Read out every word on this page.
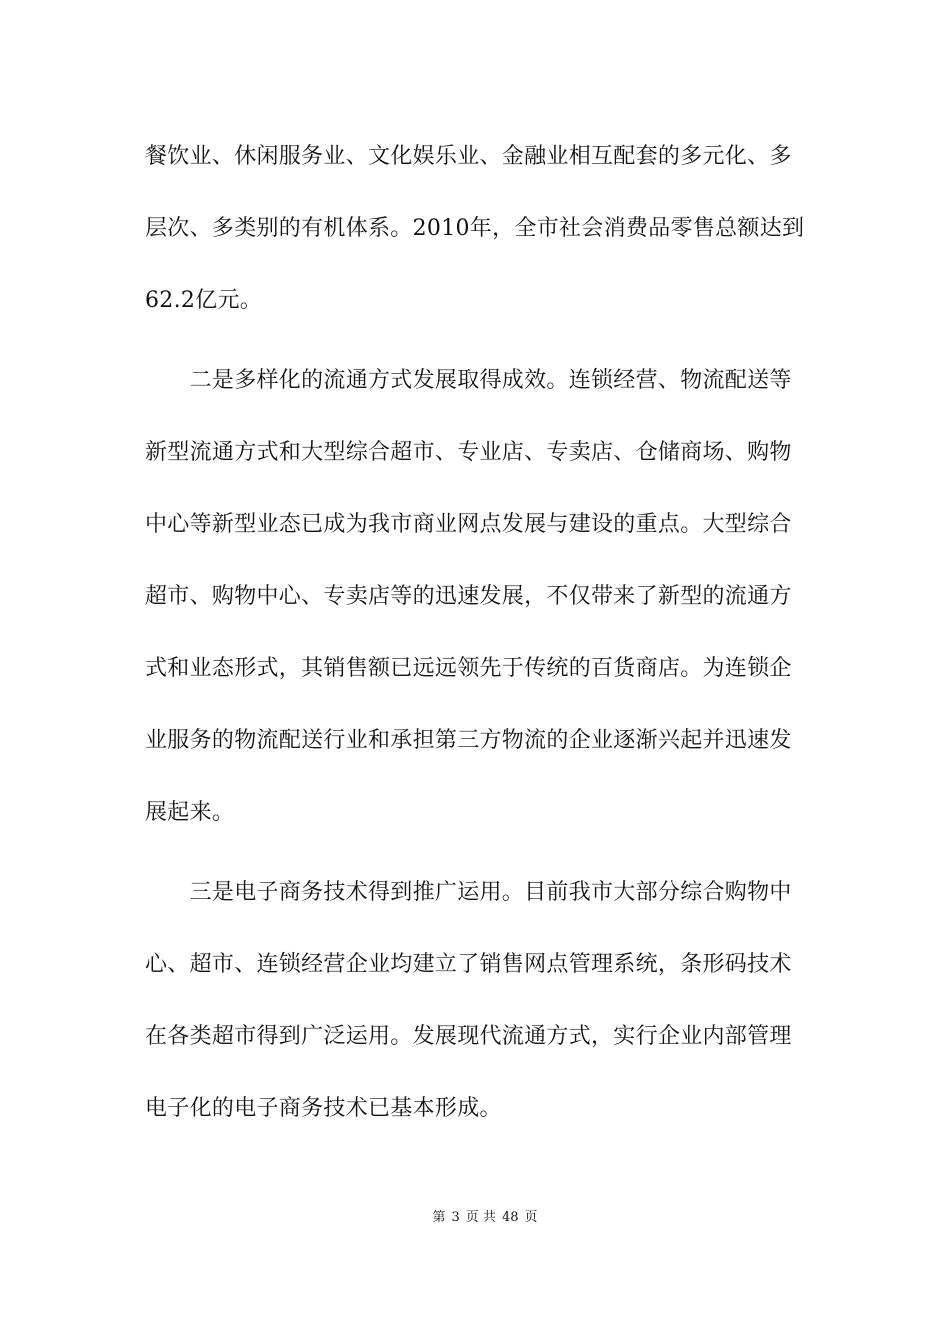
餐饮业、休闲服务业、文化娱乐业、金融业相互配套的多元化、多
层次、多类别的有机体系。2010年，全市社会消费品零售总额达到
62.2亿元。
　　二是多样化的流通方式发展取得成效。连锁经营、物流配送等
新型流通方式和大型综合超市、专业店、专卖店、仓储商场、购物
中心等新型业态已成为我市商业网点发展与建设的重点。大型综合
超市、购物中心、专卖店等的迅速发展，不仅带来了新型的流通方
式和业态形式，其销售额已远远领先于传统的百货商店。为连锁企
业服务的物流配送行业和承担第三方物流的企业逐渐兴起并迅速发
展起来。
　　三是电子商务技术得到推广运用。目前我市大部分综合购物中
心、超市、连锁经营企业均建立了销售网点管理系统，条形码技术
在各类超市得到广泛运用。发展现代流通方式，实行企业内部管理
电子化的电子商务技术已基本形成。
第 3 页 共 48 页
